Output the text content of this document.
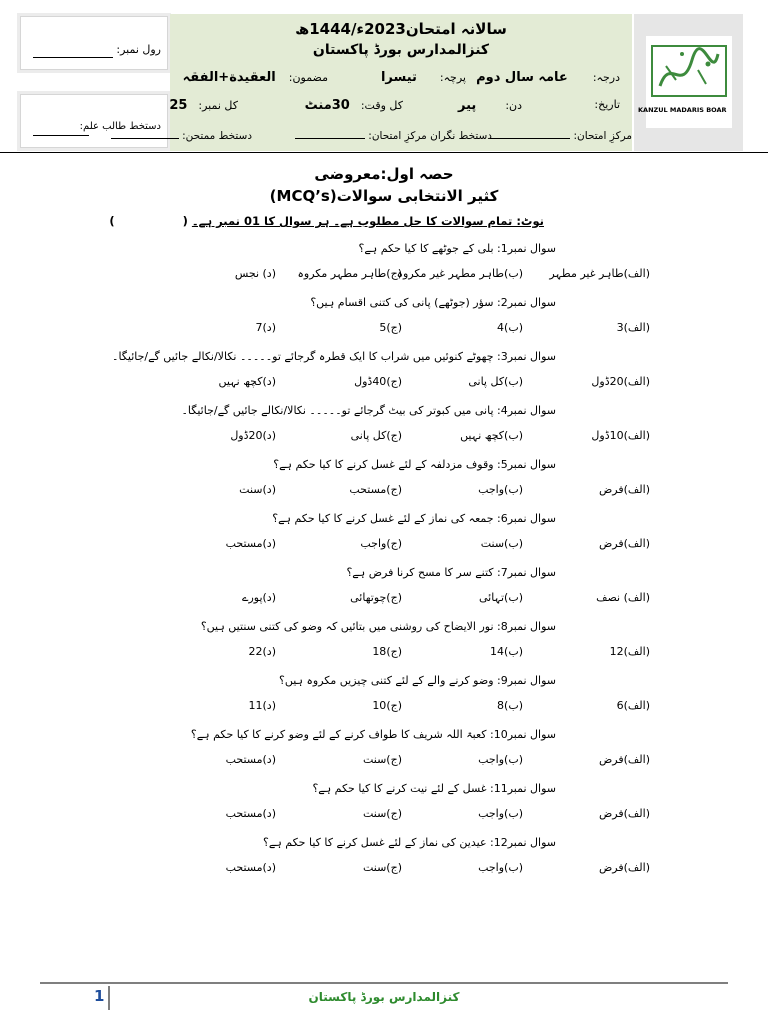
رول نمبر:
دستخط طالب علم:
KANZUL MADARIS BOAR
سالانہ امتحان2023ء/1444ھ
کنزالمدارس بورڈ پاکستان
درجہ:  عامہ سال دوم
پرچہ:  تیسرا
مضمون:  العقیدة+الفقہ
تاریخ:
دن:  پیر
کل وقت:  30منٹ
کل نمبر:  25
مرکزِ امتحان:
دستخط نگران مرکزِ امتحان:
دستخط ممتحن:
حصہ اول:معروضی
کثیر الانتخابی سوالات(MCQ’s)
نوٹ: تمام سوالات کا حل مطلوب ہے۔ ہر سوال کا 01 نمبر ہے۔ (  )
سوال نمبر1: بلی کے جوٹھے کا کیا حکم ہے؟
(الف)طاہر غیر مطہر
(ب)طاہر مطہر غیر مکروہ
(ج)طاہر مطہر مکروہ
(د) نجس
سوال نمبر2: سؤر (جوٹھے) پانی کی کتنی اقسام ہیں؟
(الف)3
(ب)4
(ج)5
(د)7
سوال نمبر3: چھوٹے کنوئیں میں شراب کا ایک قطرہ گرجائے تو۔۔۔۔۔ نکالا/نکالے جائیں گے/جائیگا۔
(الف)20ڈول
(ب)کل پانی
(ج)40ڈول
(د)کچھ نہیں
سوال نمبر4: پانی میں کبوتر کی بیٹ گرجائے تو۔۔۔۔۔ نکالا/نکالے جائیں گے/جائیگا۔
(الف)10ڈول
(ب)کچھ نہیں
(ج)کل پانی
(د)20ڈول
سوال نمبر5: وقوف مزدلفہ کے لئے غسل کرنے کا کیا حکم ہے؟
(الف)فرض
(ب)واجب
(ج)مستحب
(د)سنت
سوال نمبر6: جمعہ کی نماز کے لئے غسل کرنے کا کیا حکم ہے؟
(الف)فرض
(ب)سنت
(ج)واجب
(د)مستحب
سوال نمبر7: کتنے سر کا مسح کرنا فرض ہے؟
(الف) نصف
(ب)تہائی
(ج)چوتھائی
(د)پورے
سوال نمبر8: نور الایضاح کی روشنی میں بتائیں کہ وضو کی کتنی سنتیں ہیں؟
(الف)12
(ب)14
(ج)18
(د)22
سوال نمبر9: وضو کرنے والے کے لئے کتنی چیزیں مکروہ ہیں؟
(الف)6
(ب)8
(ج)10
(د)11
سوال نمبر10: کعبۃ اللہ شریف کا طواف کرنے کے لئے وضو کرنے کا کیا حکم ہے؟
(الف)فرض
(ب)واجب
(ج)سنت
(د)مستحب
سوال نمبر11: غسل کے لئے نیت کرنے کا کیا حکم ہے؟
(الف)فرض
(ب)واجب
(ج)سنت
(د)مستحب
سوال نمبر12: عیدین کی نماز کے لئے غسل کرنے کا کیا حکم ہے؟
(الف)فرض
(ب)واجب
(ج)سنت
(د)مستحب
1	کنزالمدارس بورڈ پاکستان
